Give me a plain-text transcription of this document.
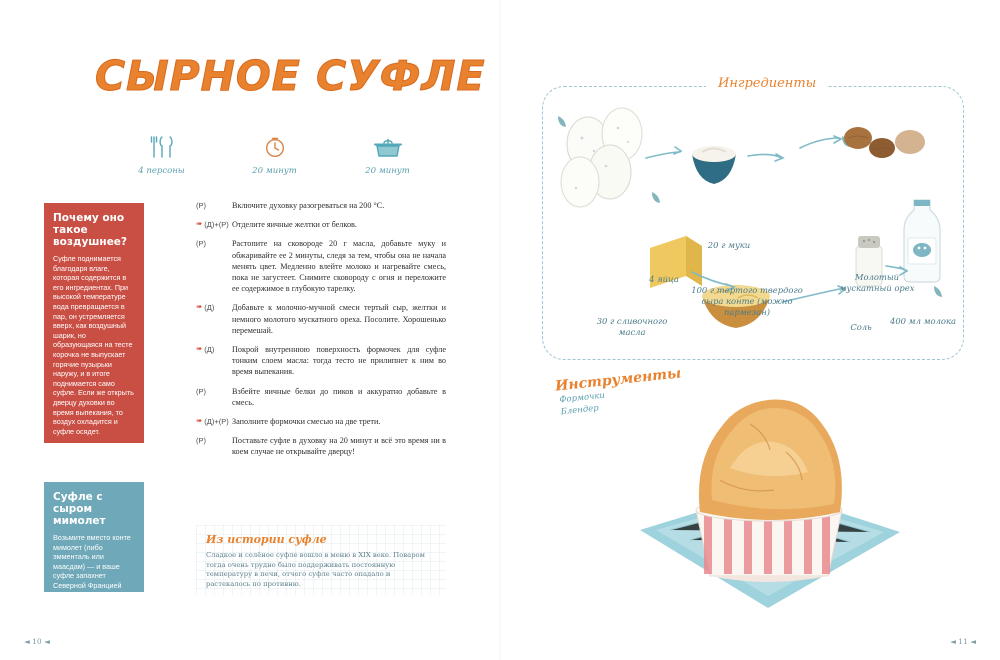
СЫРНОЕ СУФЛЕ
4 персоны	20 минут	20 минут
Почему оно такое воздушнее?

Суфле поднимается благодаря влаге, которая содержится в его ингредиентах. При высокой температуре вода превращается в пар, он устремляется вверх, как воздушный шарик, но образующаяся на тесте корочка не выпускает горячие пузырьки наружу, и в итоге поднимается само суфле. Если же открыть дверцу духовки во время выпекания, то воздух охладится и суфле осядет.

Суфле с сыром мимолет

Возьмите вместо конте мимолет (либо эмменталь или маасдам) — и ваше суфле запахнет Северной Францией (вкус его станет чуть слаще).

(Р)	Включите духовку разогреваться на 200 °C.
➠ (Д)+(Р) Отделите яичные желтки от белков.
(Р)	Растопите на сковороде 20 г масла, добавьте муку и обжаривайте ее 2 минуты, следя за тем, чтобы она не начала менять цвет. Медленно влейте молоко и нагревайте смесь, пока не загустеет. Снимите сковороду с огня и переложите ее содержимое в глубокую тарелку.
➠ (Д) Добавьте к молочно-мучной смеси тертый сыр, желтки и немного молотого мускатного ореха. Посолите. Хорошенько перемешай.
➠ (Д) Покрой внутреннюю поверхность формочек для суфле тонким слоем масла: тогда тесто не прилипнет к ним во время выпекания.
(Р)	Взбейте яичные белки до пиков и аккуратно добавьте в смесь.
➠ (Д)+(Р) Заполните формочки смесью на две трети.
(Р)	Поставьте суфле в духовку на 20 минут и всё это время ни в коем случае не открывайте дверцу!
Из истории суфле

Сладкое и солёное суфле вошло в меню в XIX веке. Поваром тогда очень трудно было поддерживать постоянную температуру в печи, отчего суфле часто опадало и растекалось по противню.

◄ 10 ◄
Ингредиенты
20 г муки
4 яйца	Молотый мускатный орех
100 г тертого твердого сыра конте (можно пармезан)
30 г сливочного масла	Соль
400 мл молока
Инструменты
Формочки
Блендер
◄ 11 ◄
